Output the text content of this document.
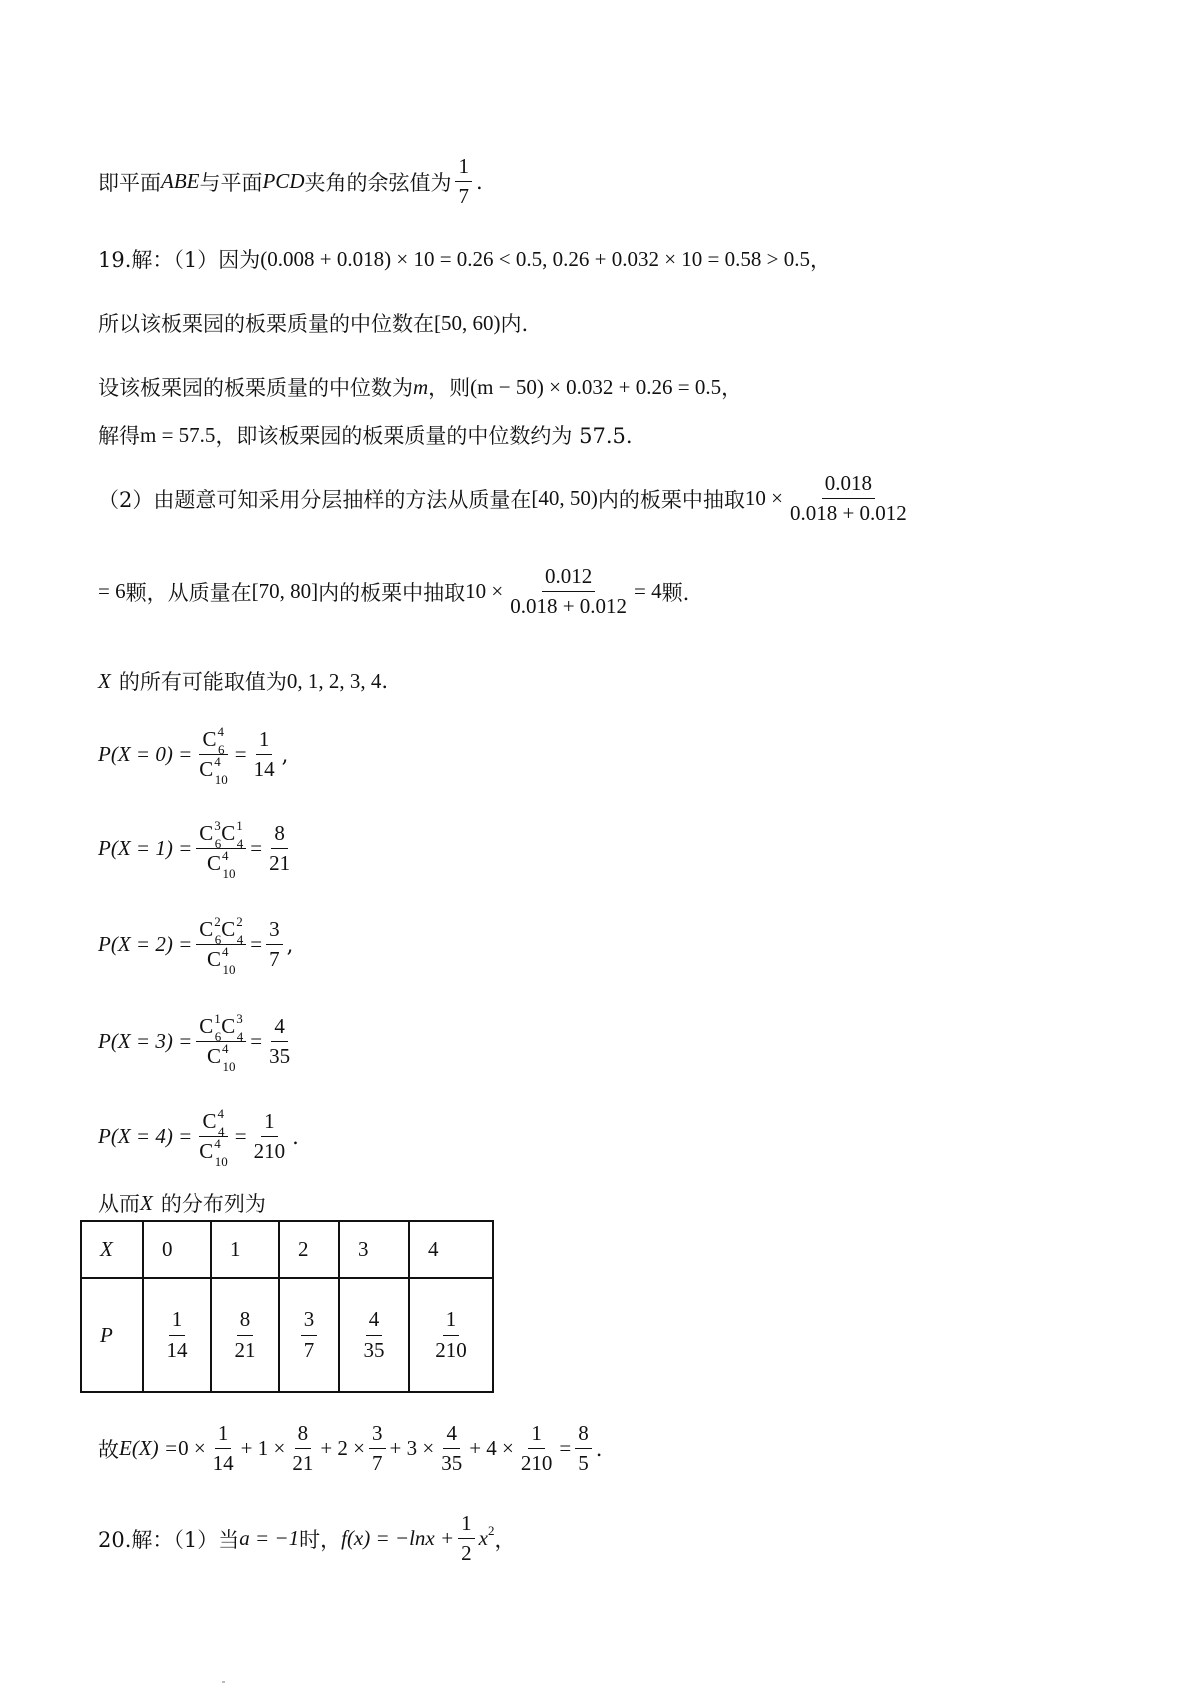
即平面 ABE 与平面 PCD 夹角的余弦值为 $\frac{1}{7}$ .
19.解：（1）因为 (0.008 + 0.018) × 10 = 0.26 < 0.5, 0.26 + 0.032 × 10 = 0.58 > 0.5 ，
所以该板栗园的板栗质量的中位数在 [50, 60) 内.
设该板栗园的板栗质量的中位数为 m ，则 (m − 50) × 0.032 + 0.26 = 0.5 ，
解得 m = 57.5 ，即该板栗园的板栗质量的中位数约为 57.5.
（2）由题意可知采用分层抽样的方法从质量在 [40, 50) 内的板栗中抽取 $10 \times \frac{0.018}{0.018 + 0.012}$
= 6 颗，从质量在 [70, 80] 内的板栗中抽取 $10 \times \frac{0.012}{0.018 + 0.012} = 4$ 颗.
X 的所有可能取值为 0, 1, 2, 3, 4 .
$P(X = 0) = \frac{C^4_6}{C^4_{10}} = \frac{1}{14}$ ,
$P(X = 1) = \frac{C^3_6C^1_4}{C^4_{10}} = \frac{8}{21}$
$P(X = 2) = \frac{C^2_6C^2_4}{C^4_{10}} = \frac{3}{7}$ ,
$P(X = 3) = \frac{C^1_6C^3_4}{C^4_{10}} = \frac{4}{35}$
$P(X = 4) = \frac{C^4_4}{C^4_{10}} = \frac{1}{210}$ .
从而 X 的分布列为
X	0	1	2	3	4
P	$\frac{1}{14}$	$\frac{8}{21}$	$\frac{3}{7}$	$\frac{4}{35}$	$\frac{1}{210}$
故 $E(X) = 0 \times \frac{1}{14} + 1 \times \frac{8}{21} + 2 \times \frac{3}{7} + 3 \times \frac{4}{35} + 4 \times \frac{1}{210} = \frac{8}{5}$ .
20.解：（1）当 a = −1 时， $f(x) = -\ln x + \frac{1}{2} x^2$ ，
